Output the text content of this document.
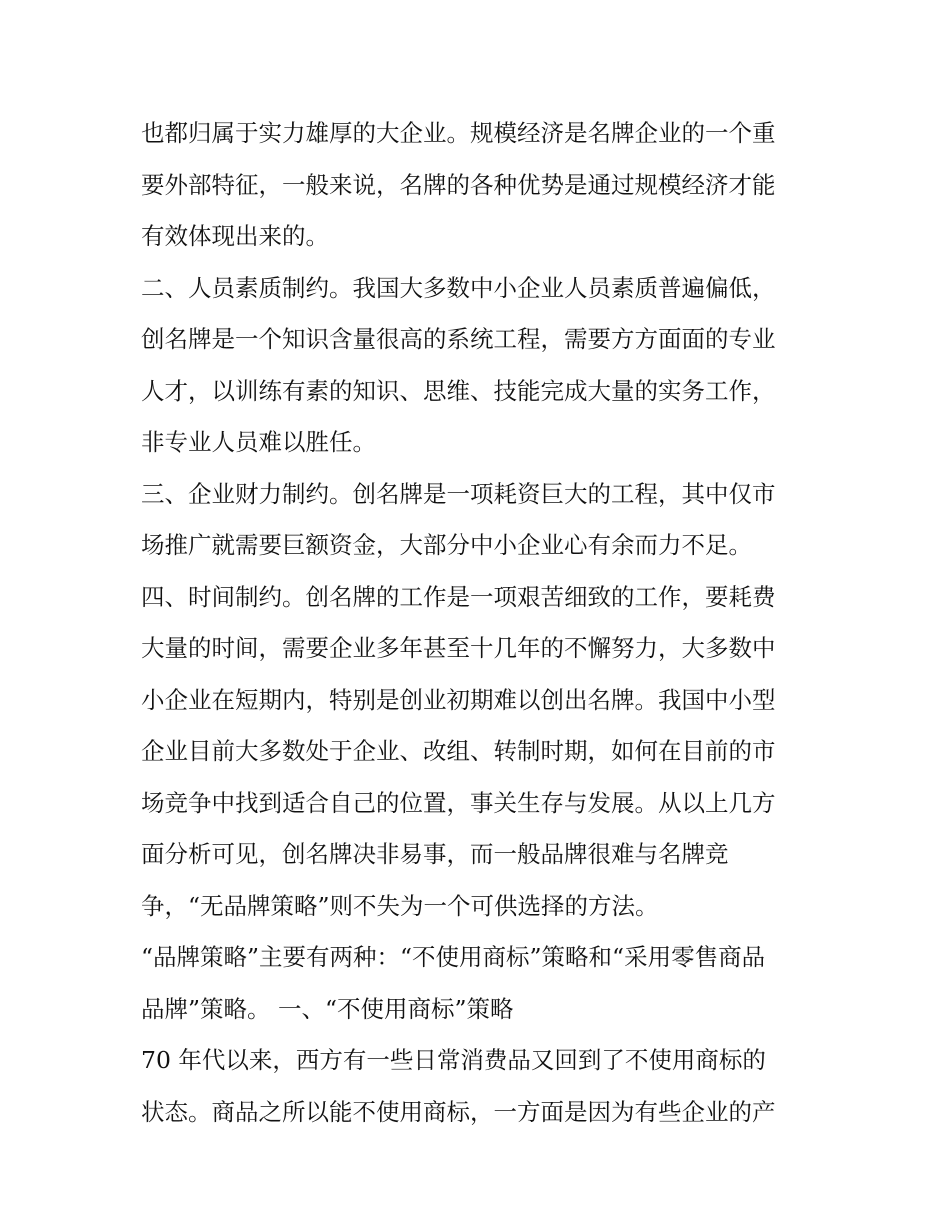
也都归属于实力雄厚的大企业。规模经济是名牌企业的一个重
要外部特征，一般来说，名牌的各种优势是通过规模经济才能
有效体现出来的。
二、人员素质制约。我国大多数中小企业人员素质普遍偏低，
创名牌是一个知识含量很高的系统工程，需要方方面面的专业
人才，以训练有素的知识、思维、技能完成大量的实务工作，
非专业人员难以胜任。
三、企业财力制约。创名牌是一项耗资巨大的工程，其中仅市
场推广就需要巨额资金，大部分中小企业心有余而力不足。
四、时间制约。创名牌的工作是一项艰苦细致的工作，要耗费
大量的时间，需要企业多年甚至十几年的不懈努力，大多数中
小企业在短期内，特别是创业初期难以创出名牌。我国中小型
企业目前大多数处于企业、改组、转制时期，如何在目前的市
场竞争中找到适合自己的位置，事关生存与发展。从以上几方
面分析可见，创名牌决非易事，而一般品牌很难与名牌竞
争，“无品牌策略”则不失为一个可供选择的方法。
“品牌策略”主要有两种：“不使用商标”策略和“采用零售商品
品牌”策略。 一、“不使用商标”策略
70 年代以来，西方有一些日常消费品又回到了不使用商标的
状态。商品之所以能不使用商标，一方面是因为有些企业的产
